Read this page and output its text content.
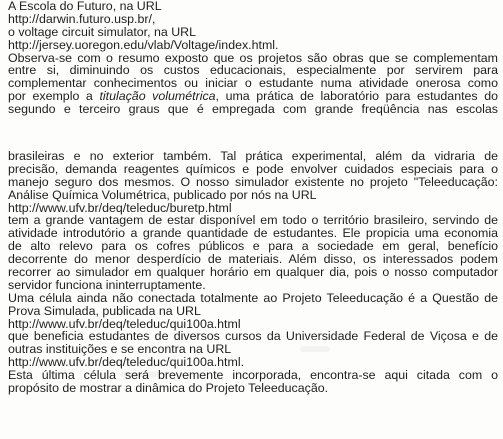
A Escola do Futuro, na URL
http://darwin.futuro.usp.br/,
o voltage circuit simulator, na URL
http://jersey.uoregon.edu/vlab/Voltage/index.html.
Observa-se com o resumo exposto que os projetos são obras que se complementam
entre si, diminuindo os custos educacionais, especialmente por servirem para
complementar conhecimentos ou iniciar o estudante numa atividade onerosa como
por exemplo a titulação volumétrica, uma prática de laboratório para estudantes do
segundo e terceiro graus que é empregada com grande freqüência nas escolas
brasileiras e no exterior também. Tal prática experimental, além da vidraria de
precisão, demanda reagentes químicos e pode envolver cuidados especiais para o
manejo seguro dos mesmos. O nosso simulador existente no projeto "Teleeducação:
Análise Química Volumétrica, publicado por nós na URL
http://www.ufv.br/deq/teleduc/buretp.html
tem a grande vantagem de estar disponível em todo o território brasileiro, servindo de
atividade introdutório a grande quantidade de estudantes. Ele propicia uma economia
de alto relevo para os cofres públicos e para a sociedade em geral, benefício
decorrente do menor desperdício de materiais. Além disso, os interessados podem
recorrer ao simulador em qualquer horário em qualquer dia, pois o nosso computador
servidor funciona ininterruptamente.
Uma célula ainda não conectada totalmente ao Projeto Teleeducação é a Questão de
Prova Simulada, publicada na URL
http://www.ufv.br/deq/teleduc/qui100a.html
que beneficia estudantes de diversos cursos da Universidade Federal de Viçosa e de
outras instituições e se encontra na URL
http://www.ufv.br/deq/teleduc/qui100a.html.
Esta última célula será brevemente incorporada, encontra-se aqui citada com o
propósito de mostrar a dinâmica do Projeto Teleeducação.
